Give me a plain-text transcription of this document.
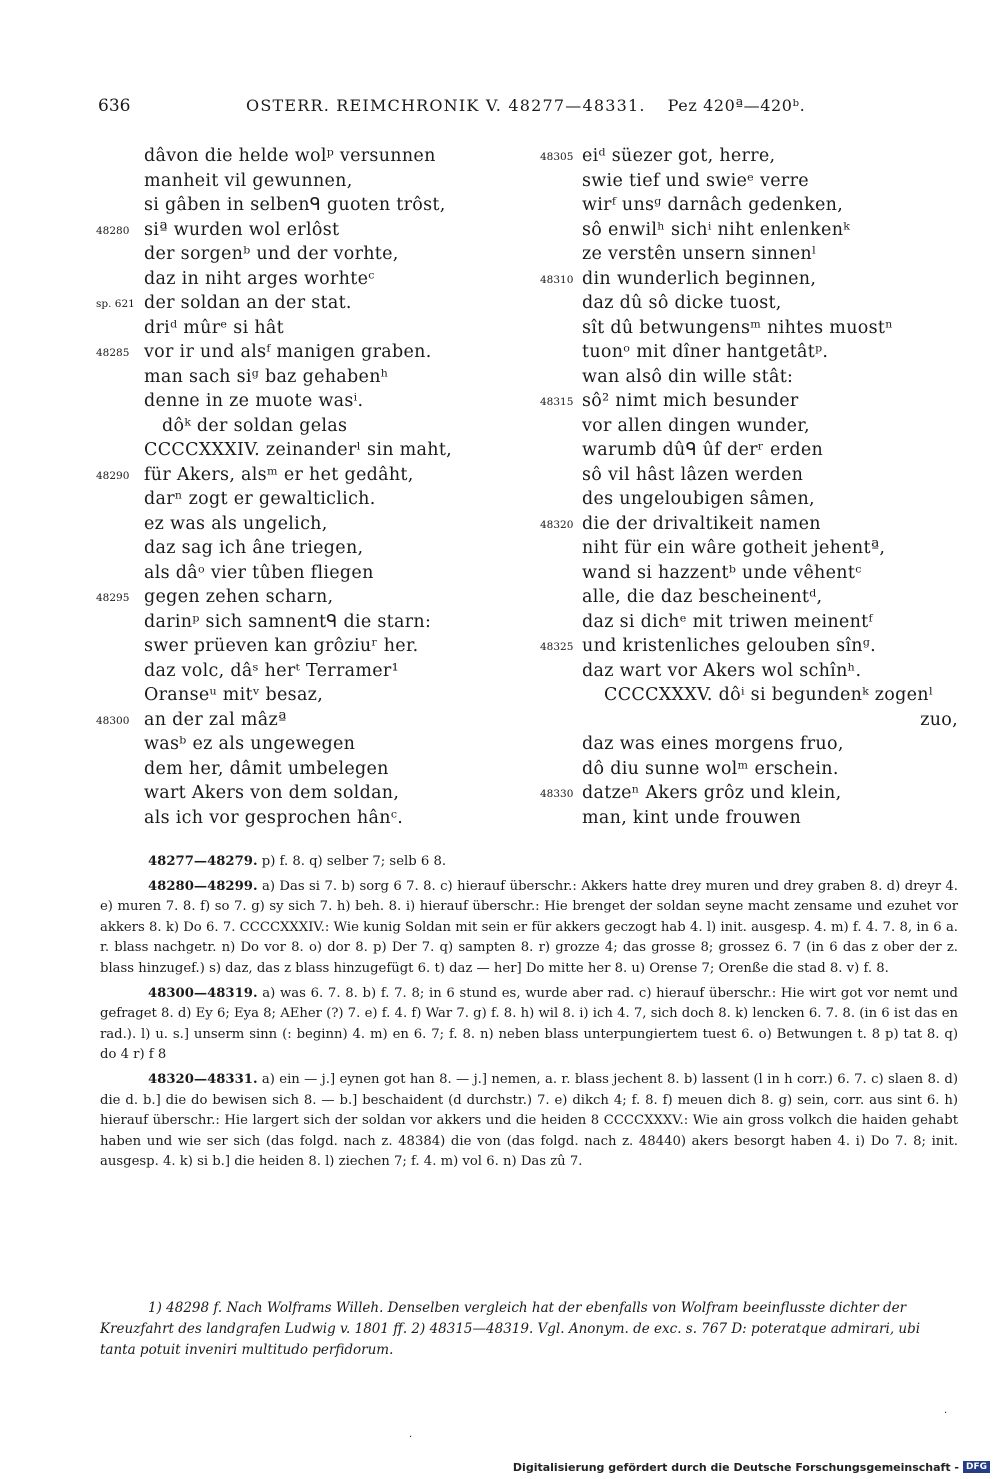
636	OSTERR. REIMCHRONIK V. 48277—48331. Pez 420ª—420ᵇ.
dâvon die helde wolᵖ versunnen
manheit vil gewunnen,
si gâben in selbenᑫ guoten trôst,
48280 siª wurden wol erlôst
der sorgenᵇ und der vorhte,
daz in niht arges worhteᶜ
sp. 621 der soldan an der stat.
driᵈ mûrᵉ si hât
48285 vor ir und alsᶠ manigen graben.
man sach siᵍ baz gehabenʰ
denne in ze muote wasⁱ.
dôᵏ der soldan gelas
CCCCXXXIV. zeinanderˡ sin maht,
48290 für Akers, alsᵐ er het gedâht,
darⁿ zogt er gewalticlich.
ez was als ungelich,
daz sag ich âne triegen,
als dâᵒ vier tûben fliegen
48295 gegen zehen scharn,
darinᵖ sich samnentᑫ die starn:
swer prüeven kan grôziuʳ her.
daz volc, dâˢ herᵗ Terramer¹
Oranseᵘ mitᵛ besaz,
48300 an der zal mâzª
wasᵇ ez als ungewegen
dem her, dâmit umbelegen
wart Akers von dem soldan,
als ich vor gesprochen hânᶜ.
48305 eiᵈ süezer got, herre,
swie tief und swieᵉ verre
wirᶠ unsᵍ darnâch gedenken,
sô enwilʰ sichⁱ niht enlenkenᵏ
ze verstên unsern sinnenˡ
48310 din wunderlich beginnen,
daz dû sô dicke tuost,
sît dû betwungensᵐ nihtes muostⁿ
tuonᵒ mit dîner hantgetâtᵖ.
wan alsô din wille stât:
48315 sô² nimt mich besunder
vor allen dingen wunder,
warumb dûᑫ ûf derʳ erden
sô vil hâst lâzen werden
des ungeloubigen sâmen,
48320 die der drivaltikeit namen
niht für ein wâre gotheit jehentª,
wand si hazzentᵇ unde vêhentᶜ
alle, die daz bescheinentᵈ,
daz si dichᵉ mit triwen meinentᶠ
48325 und kristenliches gelouben sînᵍ.
daz wart vor Akers wol schînʰ.
CCCCXXXV. dôⁱ si begundenᵏ zogenˡ
zuo,
daz was eines morgens fruo,
dô diu sunne wolᵐ erschein.
48330 datzeⁿ Akers grôz und klein,
man, kint unde frouwen

48277—48279. p) f. 8. q) selber 7; selb 6 8.

48280—48299. a) Das si 7. b) sorg 6 7. 8. c) hierauf überschr.: Akkers hatte drey muren und drey graben 8. d) dreyr 4. e) muren 7. 8. f) so 7. g) sy sich 7. h) beh. 8. i) hierauf überschr.: Hie brenget der soldan seyne macht zensame und ezuhet vor akkers 8. k) Do 6. 7. CCCCXXXIV.: Wie kunig Soldan mit sein er für akkers geczogt hab 4. l) init. ausgesp. 4. m) f. 4. 7. 8, in 6 a. r. blass nachgetr. n) Do vor 8. o) dor 8. p) Der 7. q) sampten 8. r) grozze 4; das grosse 8; grossez 6. 7 (in 6 das z ober der z. blass hinzugef.) s) daz, das z blass hinzugefügt 6. t) daz — her] Do mitte her 8. u) Orense 7; Orenße die stad 8. v) f. 8.

48300—48319. a) was 6. 7. 8. b) f. 7. 8; in 6 stund es, wurde aber rad. c) hierauf überschr.: Hie wirt got vor nemt und gefraget 8. d) Ey 6; Eya 8; AEher (?) 7. e) f. 4. f) War 7. g) f. 8. h) wil 8. i) ich 4. 7, sich doch 8. k) lencken 6. 7. 8. (in 6 ist das en rad.). l) u. s.] unserm sinn (: beginn) 4. m) en 6. 7; f. 8. n) neben blass unterpungiertem tuest 6. o) Betwungen t. 8 p) tat 8. q) do 4 r) f 8

48320—48331. a) ein — j.] eynen got han 8. — j.] nemen, a. r. blass jechent 8. b) lassent (l in h corr.) 6. 7. c) slaen 8. d) die d. b.] die do bewisen sich 8. — b.] beschaident (d durchstr.) 7. e) dikch 4; f. 8. f) meuen dich 8. g) sein, corr. aus sint 6. h) hierauf überschr.: Hie largert sich der soldan vor akkers und die heiden 8 CCCCXXXV.: Wie ain gross volkch die haiden gehabt haben und wie ser sich (das folgd. nach z. 48384) die von (das folgd. nach z. 48440) akers besorgt haben 4. i) Do 7. 8; init. ausgesp. 4. k) si b.] die heiden 8. l) ziechen 7; f. 4. m) vol 6. n) Das zû 7.

1) 48298 f. Nach Wolframs Willeh. Denselben vergleich hat der ebenfalls von Wolfram beeinflusste dichter der Kreuzfahrt des landgrafen Ludwig v. 1801 ff. 2) 48315—48319. Vgl. Anonym. de exc. s. 767 D: poteratque admirari, ubi tanta potuit inveniri multitudo perfidorum.

·
·
Digitalisierung gefördert durch die Deutsche Forschungsgemeinschaft - DFG
